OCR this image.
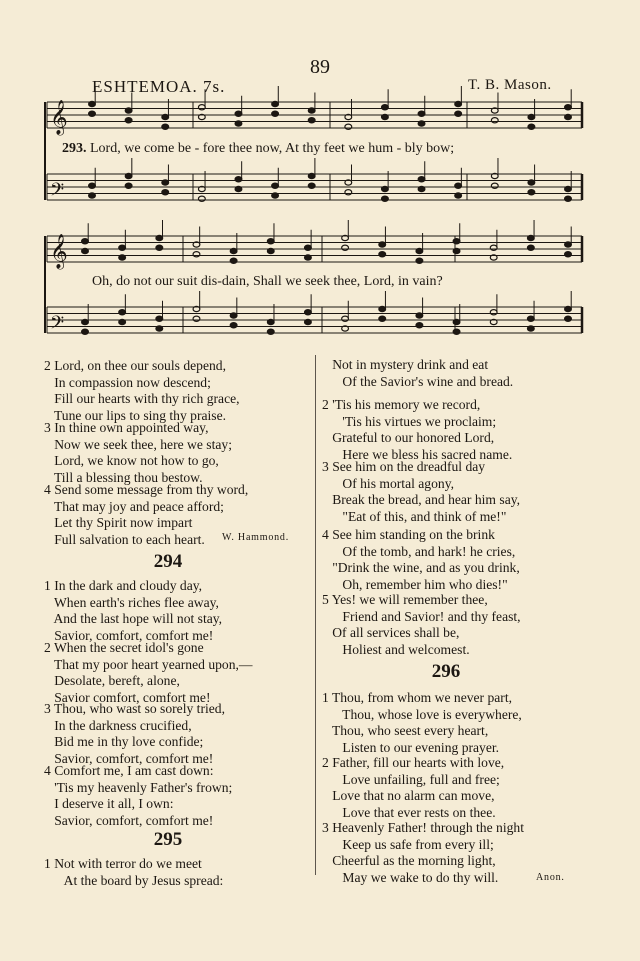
89
ESHTEMOA. 7s.	T. B. Mason.
𝄞
𝄢
𝄞
𝄢
293. Lord, we come be - fore thee now, At thy feet we hum - bly bow;
Oh, do not our suit dis-dain, Shall we seek thee, Lord, in vain?
2 Lord, on thee our souls depend,
In compassion now descend;
Fill our hearts with thy rich grace,
Tune our lips to sing thy praise.
3 In thine own appointed way,
Now we seek thee, here we stay;
Lord, we know not how to go,
Till a blessing thou bestow.
4 Send some message from thy word,
That may joy and peace afford;
Let thy Spirit now impart
Full salvation to each heart.	W. Hammond.
294
1 In the dark and cloudy day,
When earth's riches flee away,
And the last hope will not stay,
Savior, comfort, comfort me!
2 When the secret idol's gone
That my poor heart yearned upon,—
Desolate, bereft, alone,
Savior comfort, comfort me!
3 Thou, who wast so sorely tried,
In the darkness crucified,
Bid me in thy love confide;
Savior, comfort, comfort me!
4 Comfort me, I am cast down:
'Tis my heavenly Father's frown;
I deserve it all, I own:
Savior, comfort, comfort me!
295
1 Not with terror do we meet
At the board by Jesus spread:
Not in mystery drink and eat
Of the Savior's wine and bread.
2 'Tis his memory we record,
'Tis his virtues we proclaim;
Grateful to our honored Lord,
Here we bless his sacred name.
3 See him on the dreadful day
Of his mortal agony,
Break the bread, and hear him say,
"Eat of this, and think of me!"
4 See him standing on the brink
Of the tomb, and hark! he cries,
"Drink the wine, and as you drink,
Oh, remember him who dies!"
5 Yes! we will remember thee,
Friend and Savior! and thy feast,
Of all services shall be,
Holiest and welcomest.
296
1 Thou, from whom we never part,
Thou, whose love is everywhere,
Thou, who seest every heart,
Listen to our evening prayer.
2 Father, fill our hearts with love,
Love unfailing, full and free;
Love that no alarm can move,
Love that ever rests on thee.
3 Heavenly Father! through the night
Keep us safe from every ill;
Cheerful as the morning light,
May we wake to do thy will.	Anon.
